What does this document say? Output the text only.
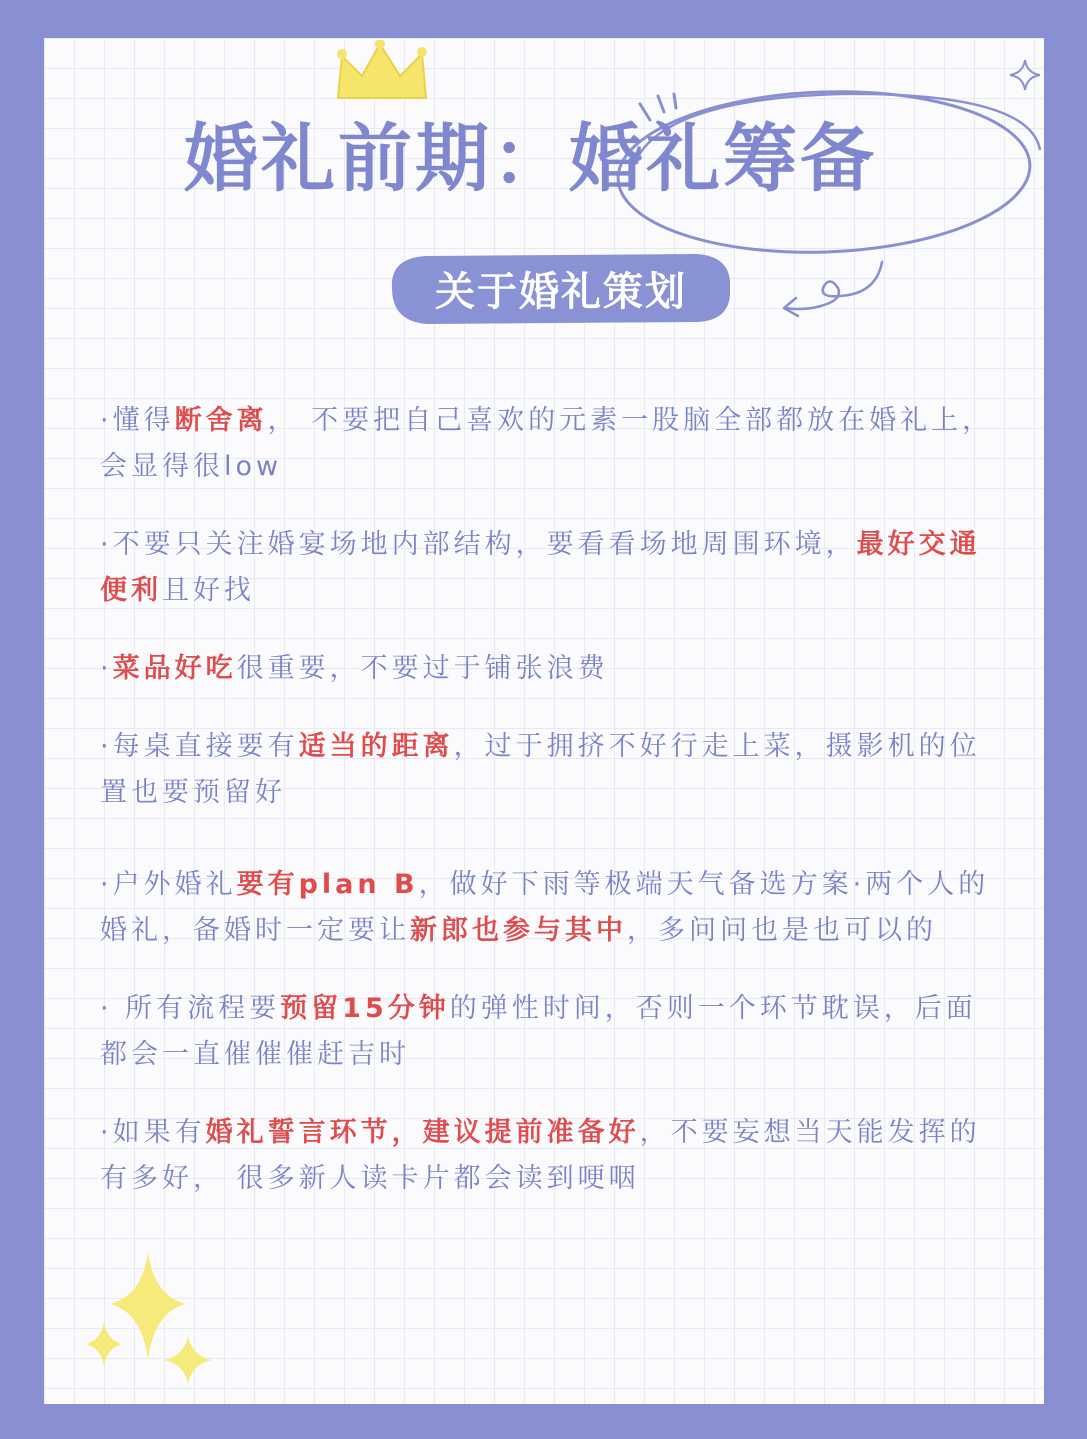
婚礼前期：婚礼筹备
关于婚礼策划
·懂得断舍离， 不要把自己喜欢的元素一股脑全部都放在婚礼上，会显得很low
·不要只关注婚宴场地内部结构，要看看场地周围环境，最好交通便利且好找
·菜品好吃很重要，不要过于铺张浪费
·每桌直接要有适当的距离，过于拥挤不好行走上菜，摄影机的位置也要预留好
·户外婚礼要有plan B，做好下雨等极端天气备选方案·两个人的婚礼，备婚时一定要让新郎也参与其中，多问问也是也可以的
· 所有流程要预留15分钟的弹性时间，否则一个环节耽误，后面都会一直催催催赶吉时
·如果有婚礼誓言环节，建议提前准备好，不要妄想当天能发挥的有多好， 很多新人读卡片都会读到哽咽
